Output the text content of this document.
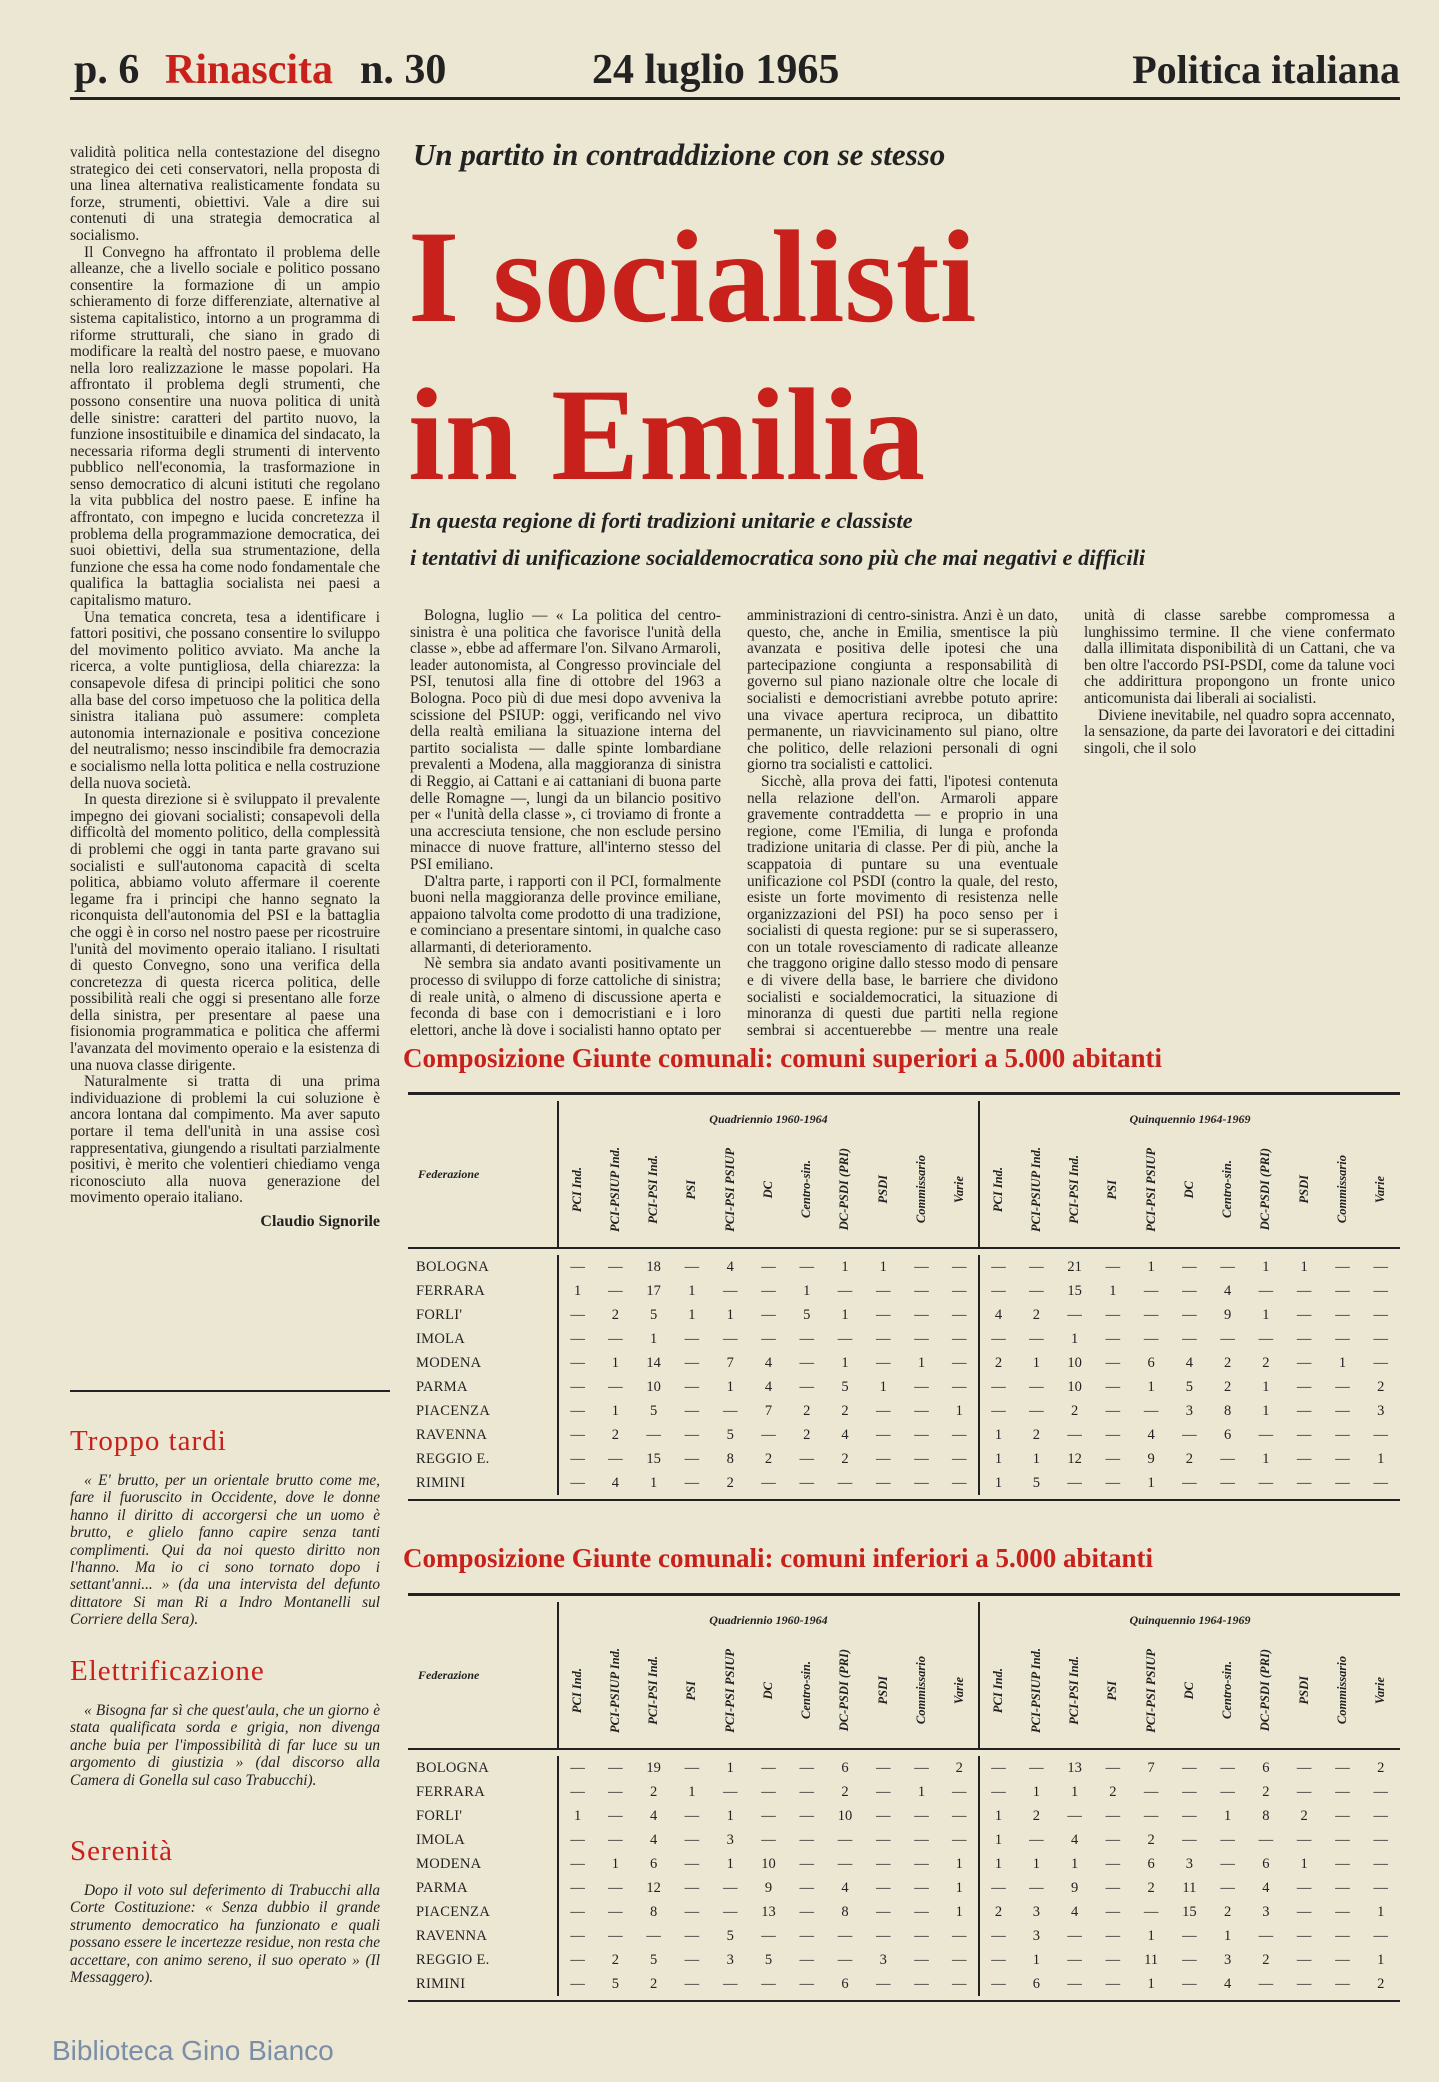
p. 6 Rinascita n. 30	24 luglio 1965	Politica italiana

validità politica nella contestazione del disegno strategico dei ceti conservatori, nella proposta di una linea alternativa realisticamente fondata su forze, strumenti, obiettivi. Vale a dire sui contenuti di una strategia democratica al socialismo.

Il Convegno ha affrontato il problema delle alleanze, che a livello sociale e politico possano consentire la formazione di un ampio schieramento di forze differenziate, alternative al sistema capitalistico, intorno a un programma di riforme strutturali, che siano in grado di modificare la realtà del nostro paese, e muovano nella loro realizzazione le masse popolari. Ha affrontato il problema degli strumenti, che possono consentire una nuova politica di unità delle sinistre: caratteri del partito nuovo, la funzione insostituibile e dinamica del sindacato, la necessaria riforma degli strumenti di intervento pubblico nell'economia, la trasformazione in senso democratico di alcuni istituti che regolano la vita pubblica del nostro paese. E infine ha affrontato, con impegno e lucida concretezza il problema della programmazione democratica, dei suoi obiettivi, della sua strumentazione, della funzione che essa ha come nodo fondamentale che qualifica la battaglia socialista nei paesi a capitalismo maturo.

Una tematica concreta, tesa a identificare i fattori positivi, che possano consentire lo sviluppo del movimento politico avviato. Ma anche la ricerca, a volte puntigliosa, della chiarezza: la consapevole difesa di principi politici che sono alla base del corso impetuoso che la politica della sinistra italiana può assumere: completa autonomia internazionale e positiva concezione del neutralismo; nesso inscindibile fra democrazia e socialismo nella lotta politica e nella costruzione della nuova società.

In questa direzione si è sviluppato il prevalente impegno dei giovani socialisti; consapevoli della difficoltà del momento politico, della complessità di problemi che oggi in tanta parte gravano sui socialisti e sull'autonoma capacità di scelta politica, abbiamo voluto affermare il coerente legame fra i principi che hanno segnato la riconquista dell'autonomia del PSI e la battaglia che oggi è in corso nel nostro paese per ricostruire l'unità del movimento operaio italiano. I risultati di questo Convegno, sono una verifica della concretezza di questa ricerca politica, delle possibilità reali che oggi si presentano alle forze della sinistra, per presentare al paese una fisionomia programmatica e politica che affermi l'avanzata del movimento operaio e la esistenza di una nuova classe dirigente.

Naturalmente si tratta di una prima individuazione di problemi la cui soluzione è ancora lontana dal compimento. Ma aver saputo portare il tema dell'unità in una assise così rappresentativa, giungendo a risultati parzialmente positivi, è merito che volentieri chiediamo venga riconosciuto alla nuova generazione del movimento operaio italiano.

Claudio Signorile
Troppo tardi

« E' brutto, per un orientale brutto come me, fare il fuoruscito in Occidente, dove le donne hanno il diritto di accorgersi che un uomo è brutto, e glielo fanno capire senza tanti complimenti. Qui da noi questo diritto non l'hanno. Ma io ci sono tornato dopo i settant'anni... » (da una intervista del defunto dittatore Si man Ri a Indro Montanelli sul Corriere della Sera).

Elettrificazione

« Bisogna far sì che quest'aula, che un giorno è stata qualificata sorda e grigia, non divenga anche buia per l'impossibilità di far luce su un argomento di giustizia » (dal discorso alla Camera di Gonella sul caso Trabucchi).

Serenità

Dopo il voto sul deferimento di Trabucchi alla Corte Costituzione: « Senza dubbio il grande strumento democratico ha funzionato e quali possano essere le incertezze residue, non resta che accettare, con animo sereno, il suo operato » (Il Messaggero).

Un partito in contraddizione con se stesso
I socialisti
in Emilia
In questa regione di forti tradizioni unitarie e classiste
i tentativi di unificazione socialdemocratica sono più che mai negativi e difficili

Bologna, luglio — « La politica del centro-sinistra è una politica che favorisce l'unità della classe », ebbe ad affermare l'on. Silvano Armaroli, leader autonomista, al Congresso provinciale del PSI, tenutosi alla fine di ottobre del 1963 a Bologna. Poco più di due mesi dopo avveniva la scissione del PSIUP: oggi, verificando nel vivo della realtà emiliana la situazione interna del partito socialista — dalle spinte lombardiane prevalenti a Modena, alla maggioranza di sinistra di Reggio, ai Cattani e ai cattaniani di buona parte delle Romagne —, lungi da un bilancio positivo per « l'unità della classe », ci troviamo di fronte a una accresciuta tensione, che non esclude persino minacce di nuove fratture, all'interno stesso del PSI emiliano.

D'altra parte, i rapporti con il PCI, formalmente buoni nella maggioranza delle province emiliane, appaiono talvolta come prodotto di una tradizione, e cominciano a presentare sintomi, in qualche caso allarmanti, di deterioramento.

Nè sembra sia andato avanti positivamente un processo di sviluppo di forze cattoliche di sinistra; di reale unità, o almeno di discussione aperta e feconda di base con i democristiani e i loro elettori, anche là dove i socialisti hanno optato per amministrazioni di centro-sinistra. Anzi è un dato, questo, che, anche in Emilia, smentisce la più avanzata e positiva delle ipotesi che una partecipazione congiunta a responsabilità di governo sul piano nazionale oltre che locale di socialisti e democristiani avrebbe potuto aprire: una vivace apertura reciproca, un dibattito permanente, un riavvicinamento sul piano, oltre che politico, delle relazioni personali di ogni giorno tra socialisti e cattolici.

Sicchè, alla prova dei fatti, l'ipotesi contenuta nella relazione dell'on. Armaroli appare gravemente contraddetta — e proprio in una regione, come l'Emilia, di lunga e profonda tradizione unitaria di classe. Per di più, anche la scappatoia di puntare su una eventuale unificazione col PSDI (contro la quale, del resto, esiste un forte movimento di resistenza nelle organizzazioni del PSI) ha poco senso per i socialisti di questa regione: pur se si superassero, con un totale rovesciamento di radicate alleanze che traggono origine dallo stesso modo di pensare e di vivere della base, le barriere che dividono socialisti e socialdemocratici, la situazione di minoranza di questi due partiti nella regione sembrai si accentuerebbe — mentre una reale unità di classe sarebbe compromessa a lunghissimo termine. Il che viene confermato dalla illimitata disponibilità di un Cattani, che va ben oltre l'accordo PSI-PSDI, come da talune voci che addirittura propongono un fronte unico anticomunista dai liberali ai socialisti.

Diviene inevitabile, nel quadro sopra accennato, la sensazione, da parte dei lavoratori e dei cittadini singoli, che il solo

Composizione Giunte comunali: comuni superiori a 5.000 abitanti

Federazione	Quadriennio 1960-1964											Quinquennio 1964-1969										
	PCI Ind.	PCI-PSIUP Ind.	PCI-PSI Ind.	PSI	PCI-PSI PSIUP	DC	Centro-sin.	DC-PSDI (PRI)	PSDI	Commissario	Varie	PCI Ind.	PCI-PSIUP Ind.	PCI-PSI Ind.	PSI	PCI-PSI PSIUP	DC	Centro-sin.	DC-PSDI (PRI)	PSDI	Commissario	Varie

BOLOGNA	—	—	18	—	4	—	—	1	1	—	—	—	—	21	—	1	—	—	1	1	—	—
FERRARA	1	—	17	1	—	—	1	—	—	—	—	—	—	15	1	—	—	4	—	—	—	—
FORLI'	—	2	5	1	1	—	5	1	—	—	—	4	2	—	—	—	—	9	1	—	—	—
IMOLA	—	—	1	—	—	—	—	—	—	—	—	—	—	1	—	—	—	—	—	—	—	—
MODENA	—	1	14	—	7	4	—	1	—	1	—	2	1	10	—	6	4	2	2	—	1	—
PARMA	—	—	10	—	1	4	—	5	1	—	—	—	—	10	—	1	5	2	1	—	—	2
PIACENZA	—	1	5	—	—	7	2	2	—	—	1	—	—	2	—	—	3	8	1	—	—	3
RAVENNA	—	2	—	—	5	—	2	4	—	—	—	1	2	—	—	4	—	6	—	—	—	—
REGGIO E.	—	—	15	—	8	2	—	2	—	—	—	1	1	12	—	9	2	—	1	—	—	1
RIMINI	—	4	1	—	2	—	—	—	—	—	—	1	5	—	—	1	—	—	—	—	—	—

Composizione Giunte comunali: comuni inferiori a 5.000 abitanti

Federazione	Quadriennio 1960-1964											Quinquennio 1964-1969										
	PCI Ind.	PCI-PSIUP Ind.	PCI-PSI Ind.	PSI	PCI-PSI PSIUP	DC	Centro-sin.	DC-PSDI (PRI)	PSDI	Commissario	Varie	PCI Ind.	PCI-PSIUP Ind.	PCI-PSI Ind.	PSI	PCI-PSI PSIUP	DC	Centro-sin.	DC-PSDI (PRI)	PSDI	Commissario	Varie

BOLOGNA	—	—	19	—	1	—	—	6	—	—	2	—	—	13	—	7	—	—	6	—	—	2
FERRARA	—	—	2	1	—	—	—	2	—	1	—	—	1	1	2	—	—	—	2	—	—	—
FORLI'	1	—	4	—	1	—	—	10	—	—	—	1	2	—	—	—	—	1	8	2	—	—
IMOLA	—	—	4	—	3	—	—	—	—	—	—	1	—	4	—	2	—	—	—	—	—	—
MODENA	—	1	6	—	1	10	—	—	—	—	1	1	1	1	—	6	3	—	6	1	—	—
PARMA	—	—	12	—	—	9	—	4	—	—	1	—	—	9	—	2	11	—	4	—	—	—
PIACENZA	—	—	8	—	—	13	—	8	—	—	1	2	3	4	—	—	15	2	3	—	—	1
RAVENNA	—	—	—	—	5	—	—	—	—	—	—	—	3	—	—	1	—	1	—	—	—	—
REGGIO E.	—	2	5	—	3	5	—	—	3	—	—	—	1	—	—	11	—	3	2	—	—	1
RIMINI	—	5	2	—	—	—	—	6	—	—	—	—	6	—	—	1	—	4	—	—	—	2

Biblioteca Gino Bianco
